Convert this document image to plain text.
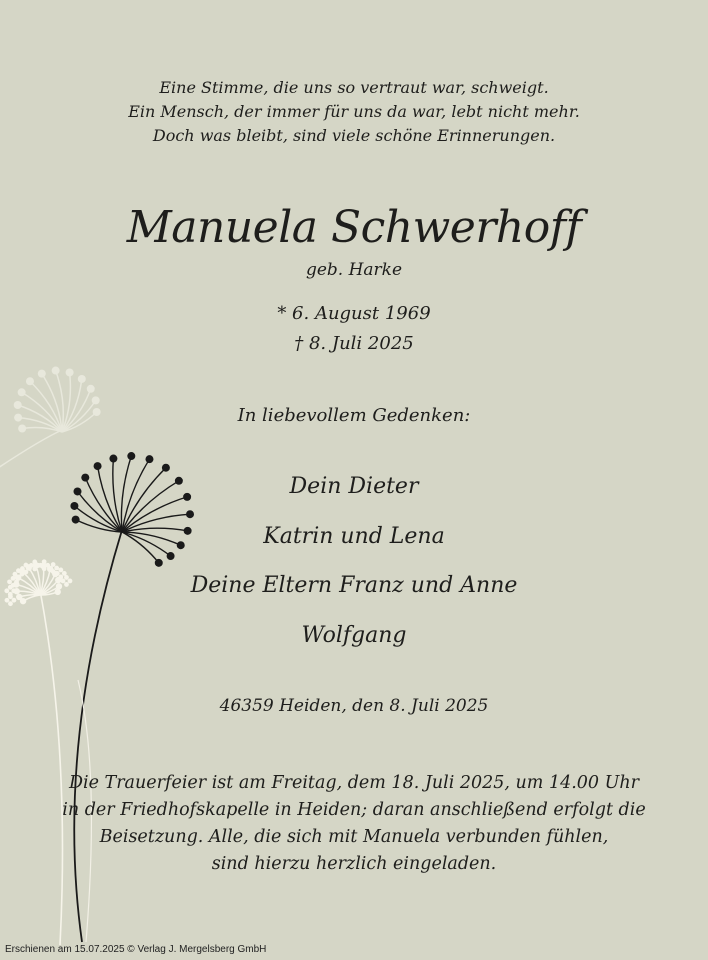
Eine Stimme, die uns so vertraut war, schweigt.
Ein Mensch, der immer für uns da war, lebt nicht mehr.
Doch was bleibt, sind viele schöne Erinnerungen.
Manuela Schwerhoff
geb. Harke
* 6. August 1969
† 8. Juli 2025
In liebevollem Gedenken:
Dein Dieter
Katrin und Lena
Deine Eltern Franz und Anne
Wolfgang
46359 Heiden, den 8. Juli 2025
Die Trauerfeier ist am Freitag, dem 18. Juli 2025, um 14.00 Uhr
in der Friedhofskapelle in Heiden; daran anschließend erfolgt die
Beisetzung. Alle, die sich mit Manuela verbunden fühlen,
sind hierzu herzlich eingeladen.
Erschienen am 15.07.2025 © Verlag J. Mergelsberg GmbH
